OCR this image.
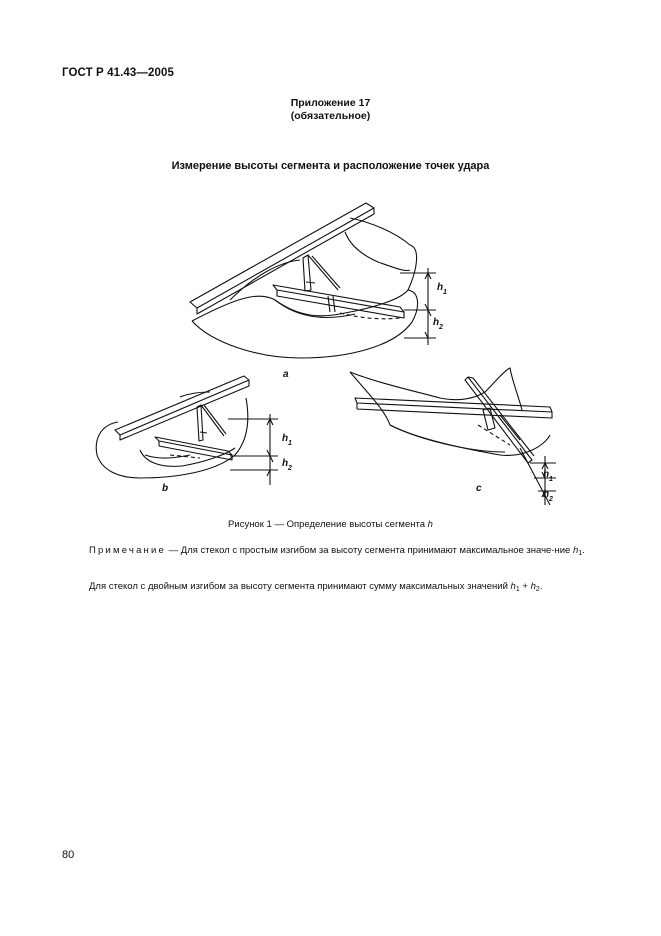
ГОСТ Р 41.43—2005
Приложение 17
(обязательное)
Измерение высоты сегмента и расположение точек удара
h 1
h 2
a
h 1
h 2
b
h 1
h 2
c
Рисунок 1 — Определение высоты сегмента h
Примечание — Для стекол с простым изгибом за высоту сегмента принимают максимальное значе-ние $h_1$.
Для стекол с двойным изгибом за высоту сегмента принимают сумму максимальных значений $h_1 + h_2$.
80
